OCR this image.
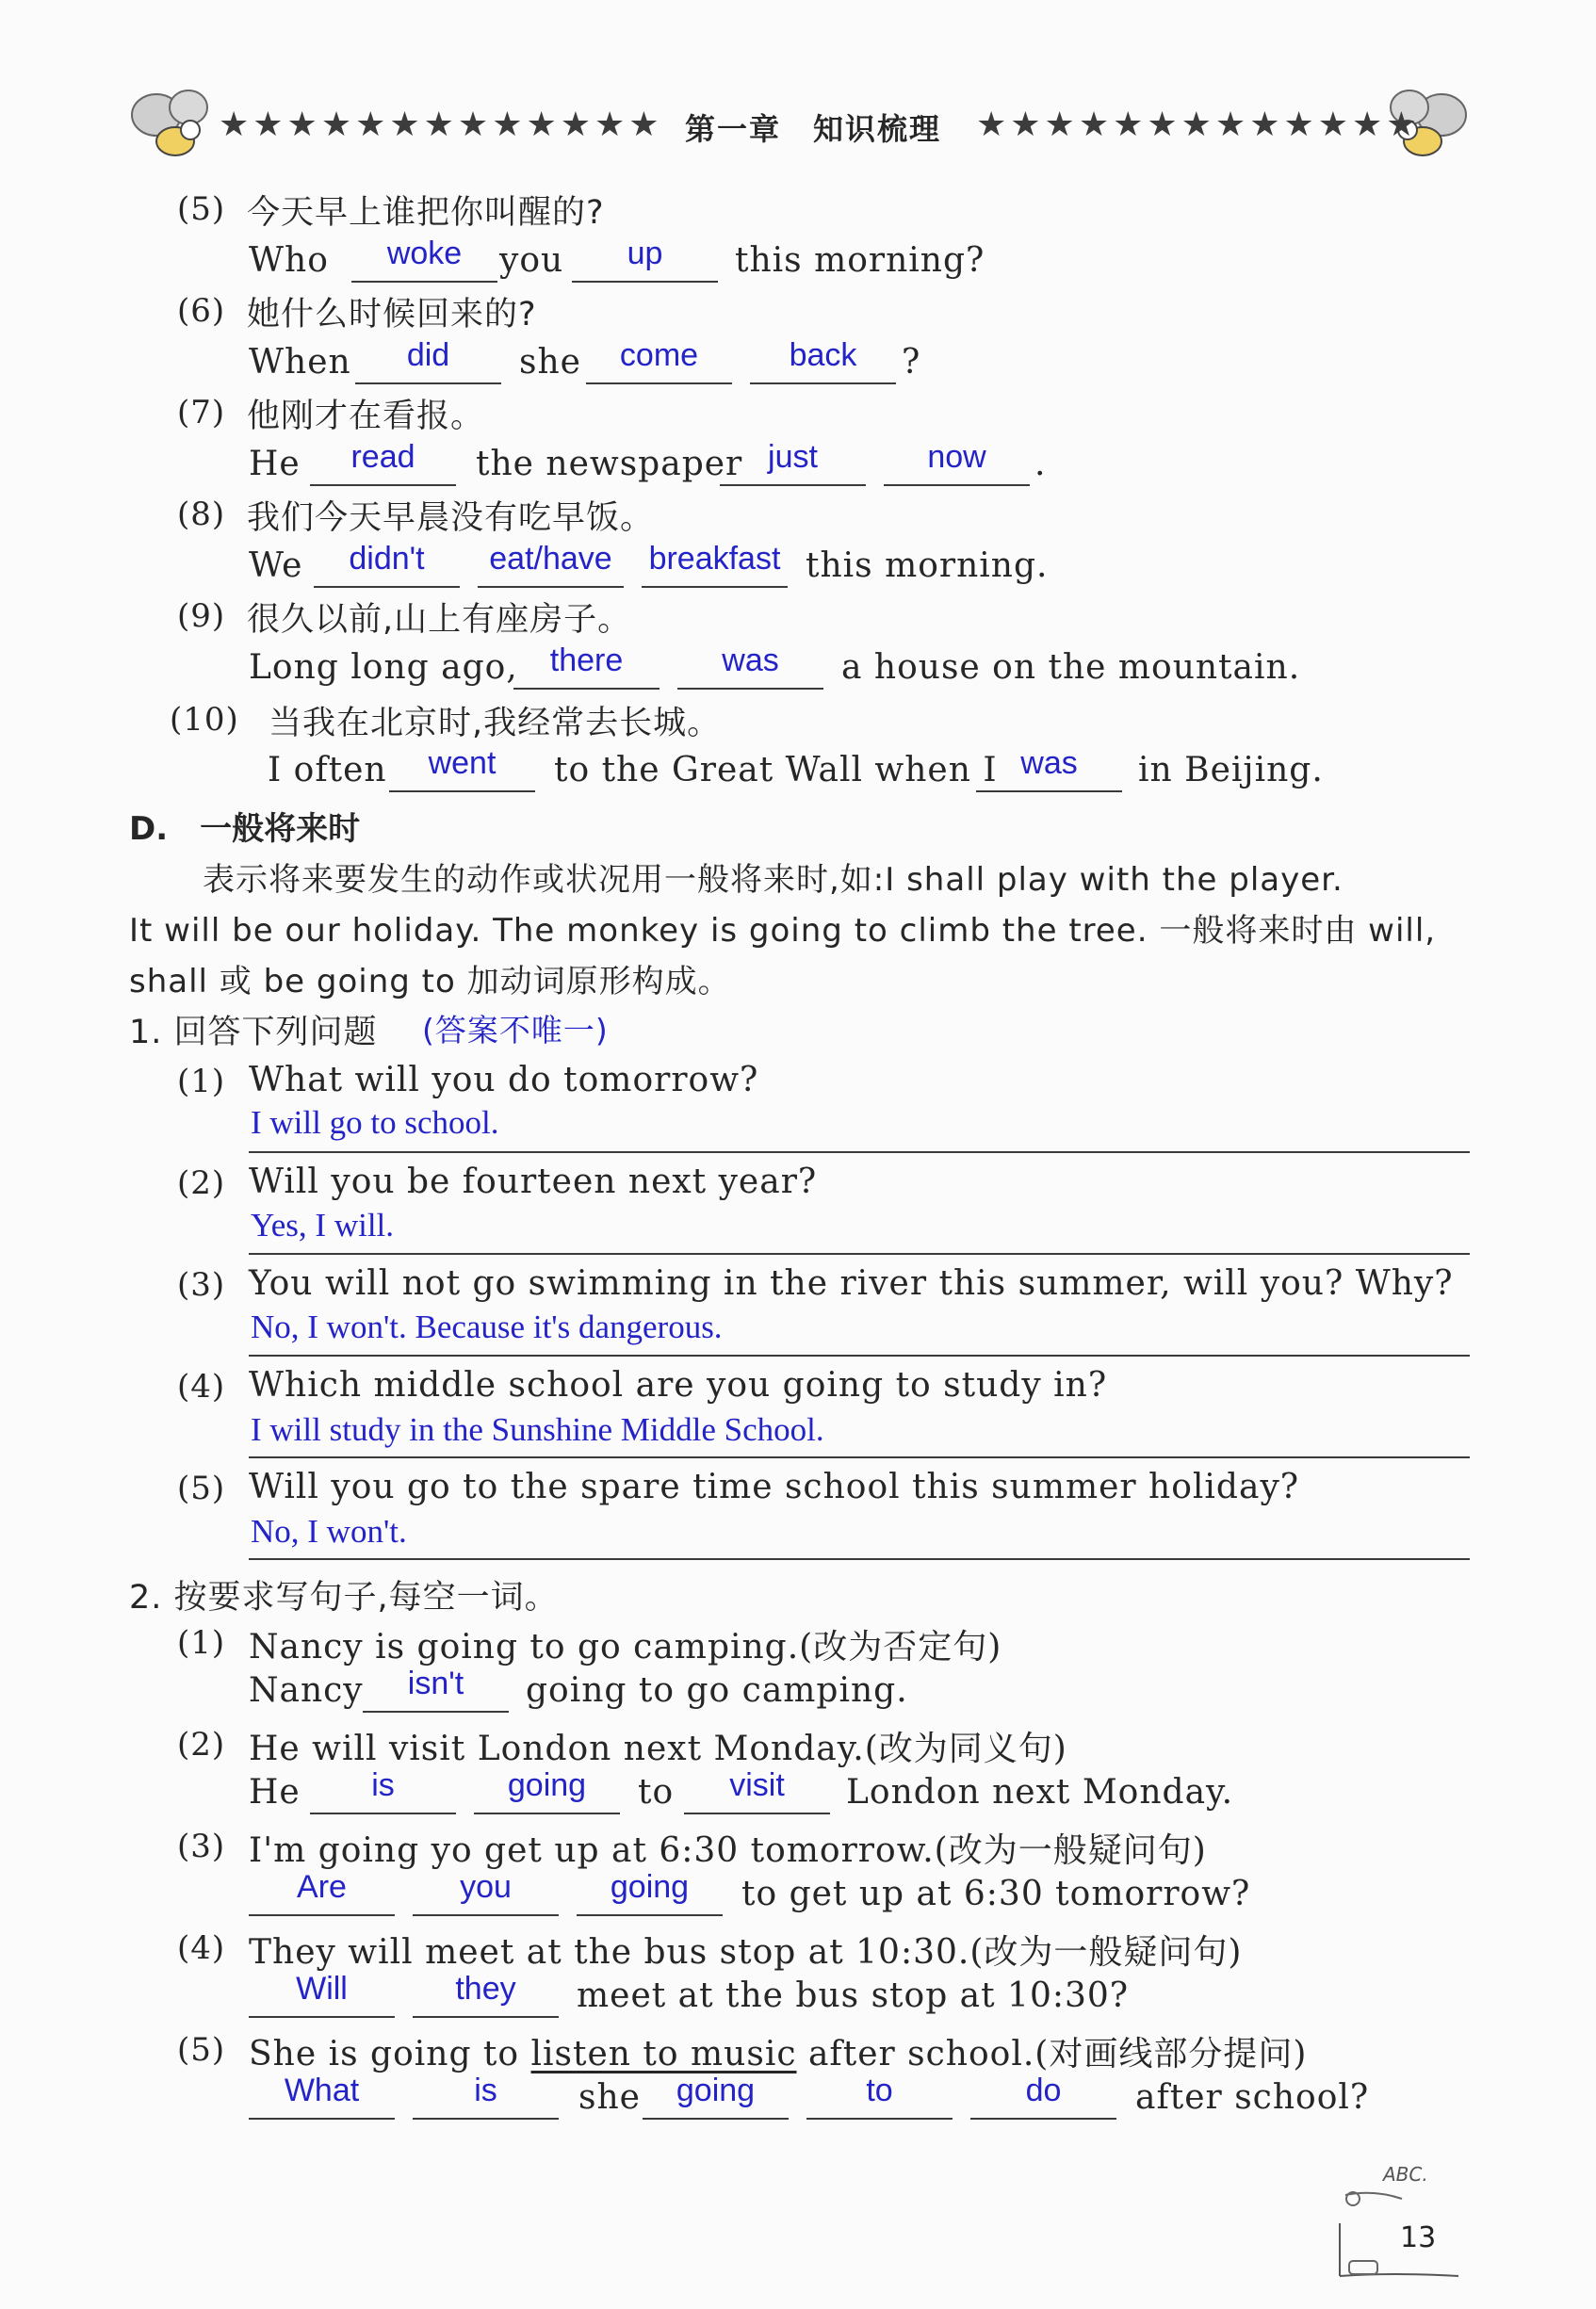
★★★★★★★★★★★★★ 第一章　知识梳理 ★★★★★★★★★★★★★
(5) 今天早上谁把你叫醒的?
Who	woke	you	up	this morning?
(6) 她什么时候回来的?
When	did	she	come	back	?
(7) 他刚才在看报。
He	read	the newspaper just	now	.
(8) 我们今天早晨没有吃早饭。
We	didn't	eat/have	breakfast this morning.
(9) 很久以前,山上有座房子。
Long long ago,	there	was	a house on the mountain.
(10) 当我在北京时,我经常去长城。
I often	went	to the Great Wall when I was	in Beijing.
D.　一般将来时
表示将来要发生的动作或状况用一般将来时,如:I shall play with the player.
It will be our holiday. The monkey is going to climb the tree. 一般将来时由 will,
shall 或 be going to 加动词原形构成。
1. 回答下列问题 (答案不唯一)
(1) What will you do tomorrow?
I will go to school.
(2) Will you be fourteen next year?
Yes, I will.
(3) You will not go swimming in the river this summer, will you? Why?
No, I won't. Because it's dangerous.
(4) Which middle school are you going to study in?
I will study in the Sunshine Middle School.
(5) Will you go to the spare time school this summer holiday?
No, I won't.
2. 按要求写句子,每空一词。
(1) Nancy is going to go camping.(改为否定句)
Nancy	isn't	going to go camping.
(2) He will visit London next Monday.(改为同义句)
He	is	going	to	visit	London next Monday.
(3) I'm going yo get up at 6:30 tomorrow.(改为一般疑问句)
Are	you	going	to get up at 6:30 tomorrow?
(4) They will meet at the bus stop at 10:30.(改为一般疑问句)
Will	they	meet at the bus stop at 10:30?
(5) She is going to listen to music after school.(对画线部分提问)
What	is	she	going	to	do	after school?
ABC.
13
